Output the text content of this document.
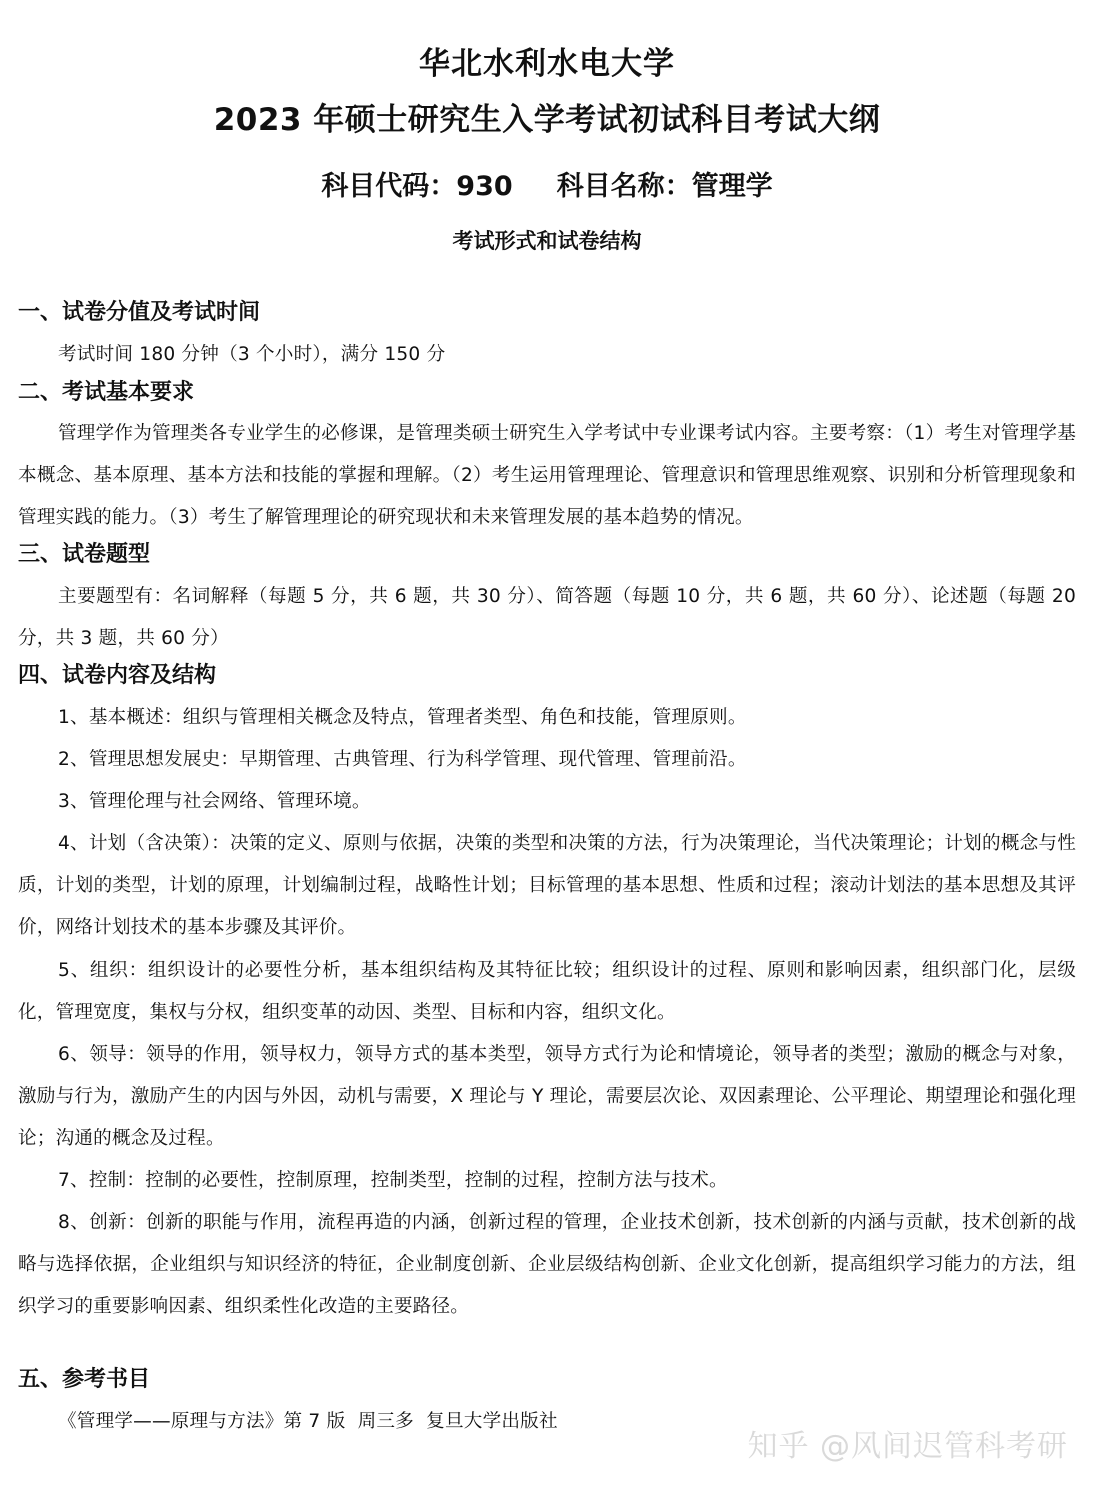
华北水利水电大学
2023 年硕士研究生入学考试初试科目考试大纲
科目代码：930 科目名称：管理学
考试形式和试卷结构
一、试卷分值及考试时间
考试时间 180 分钟（3 个小时），满分 150 分
二、考试基本要求
管理学作为管理类各专业学生的必修课，是管理类硕士研究生入学考试中专业课考试内容。主要考察：（1）考生对管理学基本概念、基本原理、基本方法和技能的掌握和理解。（2）考生运用管理理论、管理意识和管理思维观察、识别和分析管理现象和管理实践的能力。（3）考生了解管理理论的研究现状和未来管理发展的基本趋势的情况。
三、试卷题型
主要题型有：名词解释（每题 5 分，共 6 题，共 30 分）、简答题（每题 10 分，共 6 题，共 60 分）、论述题（每题 20 分，共 3 题，共 60 分）
四、试卷内容及结构
1、基本概述：组织与管理相关概念及特点，管理者类型、角色和技能，管理原则。
2、管理思想发展史：早期管理、古典管理、行为科学管理、现代管理、管理前沿。
3、管理伦理与社会网络、管理环境。
4、计划（含决策）：决策的定义、原则与依据，决策的类型和决策的方法，行为决策理论，当代决策理论；计划的概念与性质，计划的类型，计划的原理，计划编制过程，战略性计划；目标管理的基本思想、性质和过程；滚动计划法的基本思想及其评价，网络计划技术的基本步骤及其评价。
5、组织：组织设计的必要性分析，基本组织结构及其特征比较；组织设计的过程、原则和影响因素，组织部门化，层级化，管理宽度，集权与分权，组织变革的动因、类型、目标和内容，组织文化。
6、领导：领导的作用，领导权力，领导方式的基本类型，领导方式行为论和情境论，领导者的类型；激励的概念与对象，激励与行为，激励产生的内因与外因，动机与需要，X 理论与 Y 理论，需要层次论、双因素理论、公平理论、期望理论和强化理论；沟通的概念及过程。
7、控制：控制的必要性，控制原理，控制类型，控制的过程，控制方法与技术。
8、创新：创新的职能与作用，流程再造的内涵，创新过程的管理，企业技术创新，技术创新的内涵与贡献，技术创新的战略与选择依据，企业组织与知识经济的特征，企业制度创新、企业层级结构创新、企业文化创新，提高组织学习能力的方法，组织学习的重要影响因素、组织柔性化改造的主要路径。
五、参考书目
《管理学——原理与方法》第 7 版  周三多  复旦大学出版社
知乎 @风间迟管科考研
